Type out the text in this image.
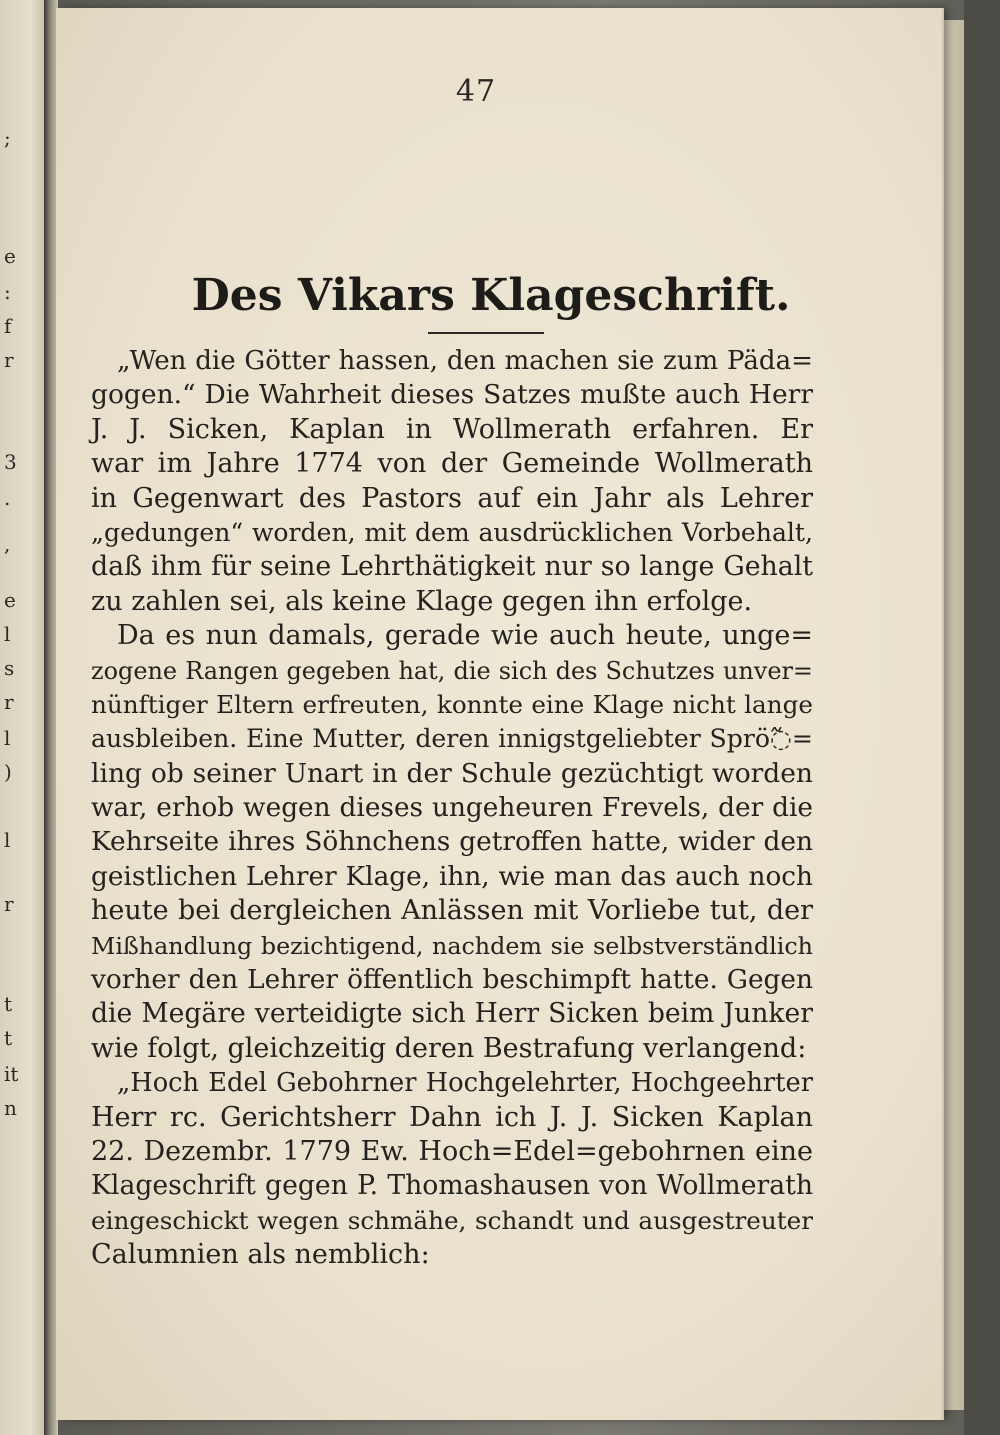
;
e
:
f
r
3
.
,
e
l
s
r
l
)
l
r
t
t
it
n
47
Des Vikars Klageschrift.
„Wen die Götter hassen, den machen sie zum Päda=
gogen.“ Die Wahrheit dieses Satzes mußte auch Herr
J. J. Sicken, Kaplan in Wollmerath erfahren. Er
war im Jahre 1774 von der Gemeinde Wollmerath
in Gegenwart des Pastors auf ein Jahr als Lehrer
„gedungen“ worden, mit dem ausdrücklichen Vorbehalt,
daß ihm für seine Lehrthätigkeit nur so lange Gehalt
zu zahlen sei, als keine Klage gegen ihn erfolge.
Da es nun damals, gerade wie auch heute, unge=
zogene Rangen gegeben hat, die sich des Schutzes unver=
nünftiger Eltern erfreuten, konnte eine Klage nicht lange
ausbleiben. Eine Mutter, deren innigstgeliebter Sprö߬=
ling ob seiner Unart in der Schule gezüchtigt worden
war, erhob wegen dieses ungeheuren Frevels, der die
Kehrseite ihres Söhnchens getroffen hatte, wider den
geistlichen Lehrer Klage, ihn, wie man das auch noch
heute bei dergleichen Anlässen mit Vorliebe tut, der
Mißhandlung bezichtigend, nachdem sie selbstverständlich
vorher den Lehrer öffentlich beschimpft hatte. Gegen
die Megäre verteidigte sich Herr Sicken beim Junker
wie folgt, gleichzeitig deren Bestrafung verlangend:
„Hoch Edel Gebohrner Hochgelehrter, Hochgeehrter
Herr rc. Gerichtsherr Dahn ich J. J. Sicken Kaplan
22. Dezembr. 1779 Ew. Hoch=Edel=gebohrnen eine
Klageschrift gegen P. Thomashausen von Wollmerath
eingeschickt wegen schmähe, schandt und ausgestreuter
Calumnien als nemblich:
